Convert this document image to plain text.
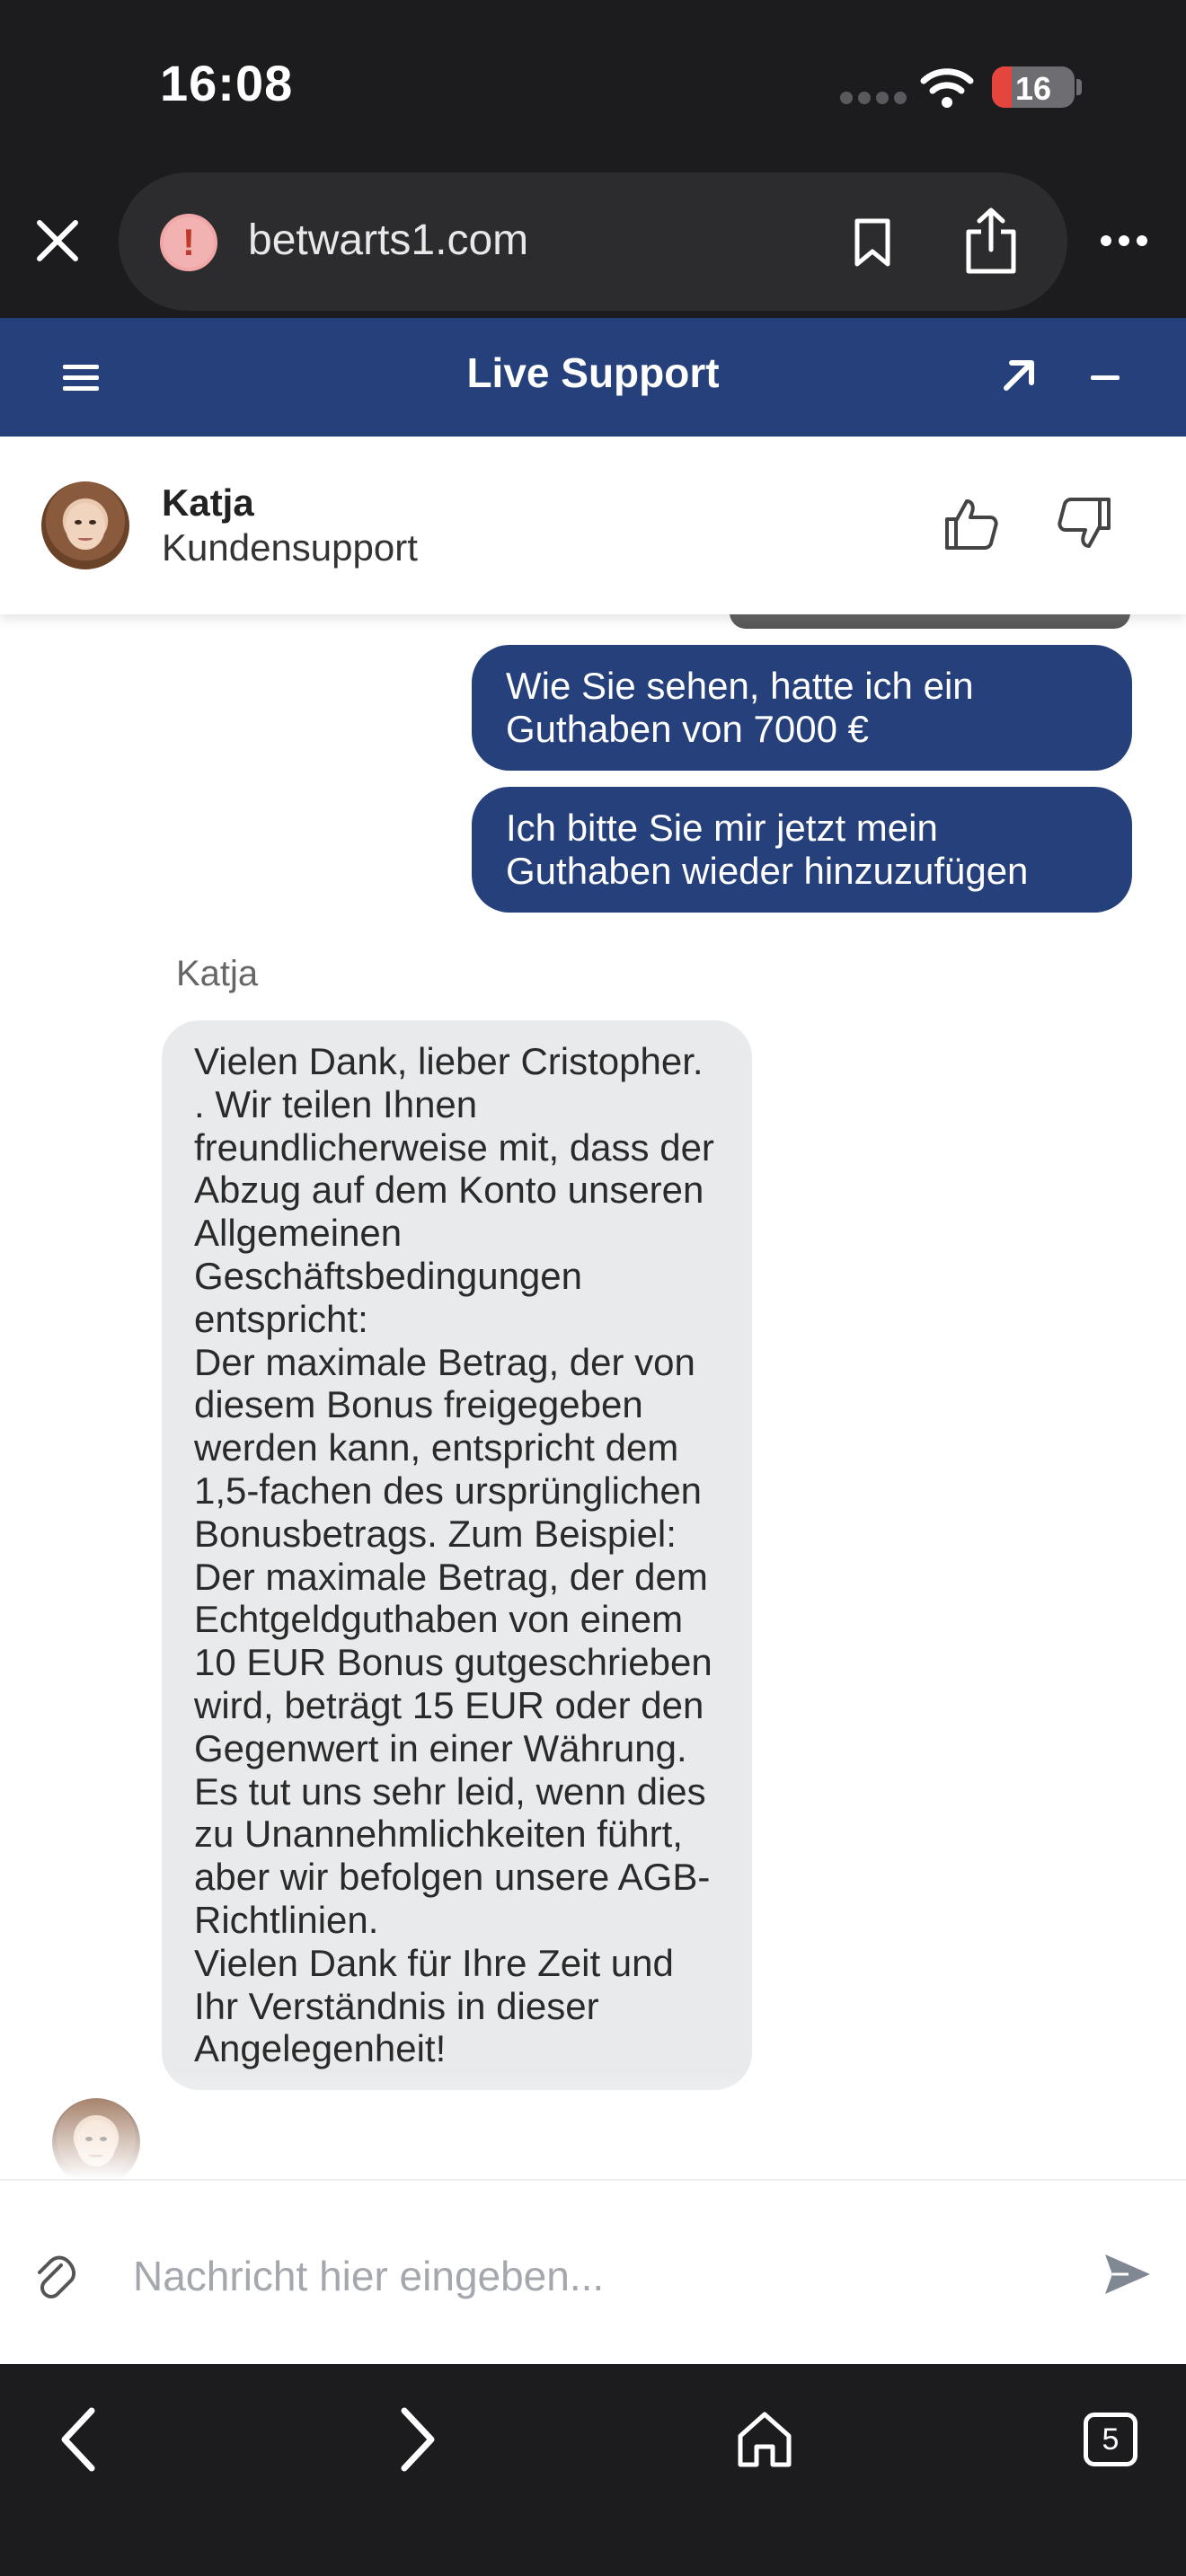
16:08	16
!
betwarts1.com
Live Support
Katja
Kundensupport
Wie Sie sehen, hatte ich ein Guthaben von 7000 €
Ich bitte Sie mir jetzt mein Guthaben wieder hinzuzufügen
Katja
Vielen Dank, lieber Cristopher. . Wir teilen Ihnen freundlicherweise mit, dass der Abzug auf dem Konto unseren Allgemeinen Geschäftsbedingungen entspricht:
Der maximale Betrag, der von diesem Bonus freigegeben werden kann, entspricht dem 1,5-fachen des ursprünglichen Bonusbetrags. Zum Beispiel: Der maximale Betrag, der dem Echtgeldguthaben von einem 10 EUR Bonus gutgeschrieben wird, beträgt 15 EUR oder den Gegenwert in einer Währung.
Es tut uns sehr leid, wenn dies zu Unannehmlichkeiten führt, aber wir befolgen unsere AGB-Richtlinien.
Vielen Dank für Ihre Zeit und Ihr Verständnis in dieser Angelegenheit!
Nachricht hier eingeben...
5
